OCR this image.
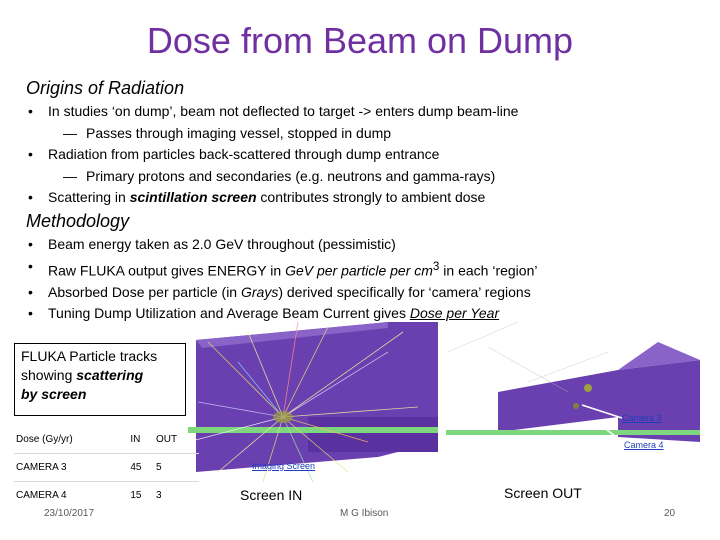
Dose from Beam on Dump
Origins of Radiation
• In studies ‘on dump’, beam not deflected to target -> enters dump beam-line
— Passes through imaging vessel, stopped in dump
• Radiation from particles back-scattered through dump entrance
— Primary protons and secondaries (e.g. neutrons and gamma-rays)
• Scattering in scintillation screen contributes strongly to ambient dose
Methodology
• Beam energy taken as 2.0 GeV throughout (pessimistic)
• Raw FLUKA output gives ENERGY in GeV per particle per $cm^3$ in each ‘region’
• Absorbed Dose per particle (in Grays) derived specifically for ‘camera’ regions
• Tuning Dump Utilization and Average Beam Current gives Dose per Year
FLUKA Particle tracks
showing scattering
by screen
Dose (Gy/yr)	IN	OUT
CAMERA 3	45	5
CAMERA 4	15	3
Camera 3
Camera 4
Imaging Screen
Screen IN	Screen OUT
23/10/2017	M G Ibison	20
